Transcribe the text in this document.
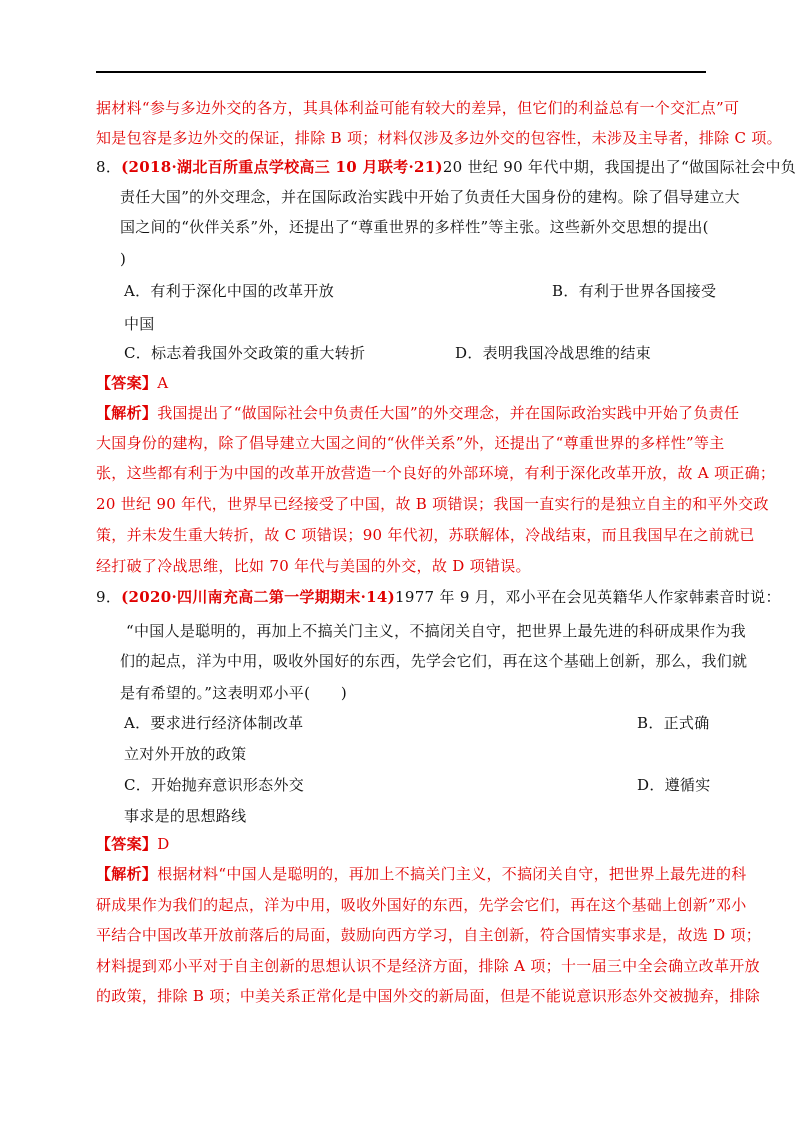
据材料“参与多边外交的各方，其具体利益可能有较大的差异，但它们的利益总有一个交汇点”可
知是包容是多边外交的保证，排除 B 项；材料仅涉及多边外交的包容性，未涉及主导者，排除 C 项。
8．(2018·湖北百所重点学校高三 10 月联考·21)20 世纪 90 年代中期，我国提出了“做国际社会中负
责任大国”的外交理念，并在国际政治实践中开始了负责任大国身份的建构。除了倡导建立大
国之间的“伙伴关系”外，还提出了“尊重世界的多样性”等主张。这些新外交思想的提出(
)
A．有利于深化中国的改革开放	B．有利于世界各国接受
中国
C．标志着我国外交政策的重大转折	D．表明我国冷战思维的结束
【答案】A
【解析】我国提出了“做国际社会中负责任大国”的外交理念，并在国际政治实践中开始了负责任
大国身份的建构，除了倡导建立大国之间的“伙伴关系”外，还提出了“尊重世界的多样性”等主
张，这些都有利于为中国的改革开放营造一个良好的外部环境，有利于深化改革开放，故 A 项正确；
20 世纪 90 年代，世界早已经接受了中国，故 B 项错误；我国一直实行的是独立自主的和平外交政
策，并未发生重大转折，故 C 项错误；90 年代初，苏联解体，冷战结束，而且我国早在之前就已
经打破了冷战思维，比如 70 年代与美国的外交，故 D 项错误。
9．(2020·四川南充高二第一学期期末·14)1977 年 9 月，邓小平在会见英籍华人作家韩素音时说：
“中国人是聪明的，再加上不搞关门主义，不搞闭关自守，把世界上最先进的科研成果作为我
们的起点，洋为中用，吸收外国好的东西，先学会它们，再在这个基础上创新，那么，我们就
是有希望的。”这表明邓小平(　　)
A．要求进行经济体制改革	B．正式确
立对外开放的政策
C．开始抛弃意识形态外交	D．遵循实
事求是的思想路线
【答案】D
【解析】根据材料“中国人是聪明的，再加上不搞关门主义，不搞闭关自守，把世界上最先进的科
研成果作为我们的起点，洋为中用，吸收外国好的东西，先学会它们，再在这个基础上创新”邓小
平结合中国改革开放前落后的局面，鼓励向西方学习，自主创新，符合国情实事求是，故选 D 项；
材料提到邓小平对于自主创新的思想认识不是经济方面，排除 A 项；十一届三中全会确立改革开放
的政策，排除 B 项；中美关系正常化是中国外交的新局面，但是不能说意识形态外交被抛弃，排除
